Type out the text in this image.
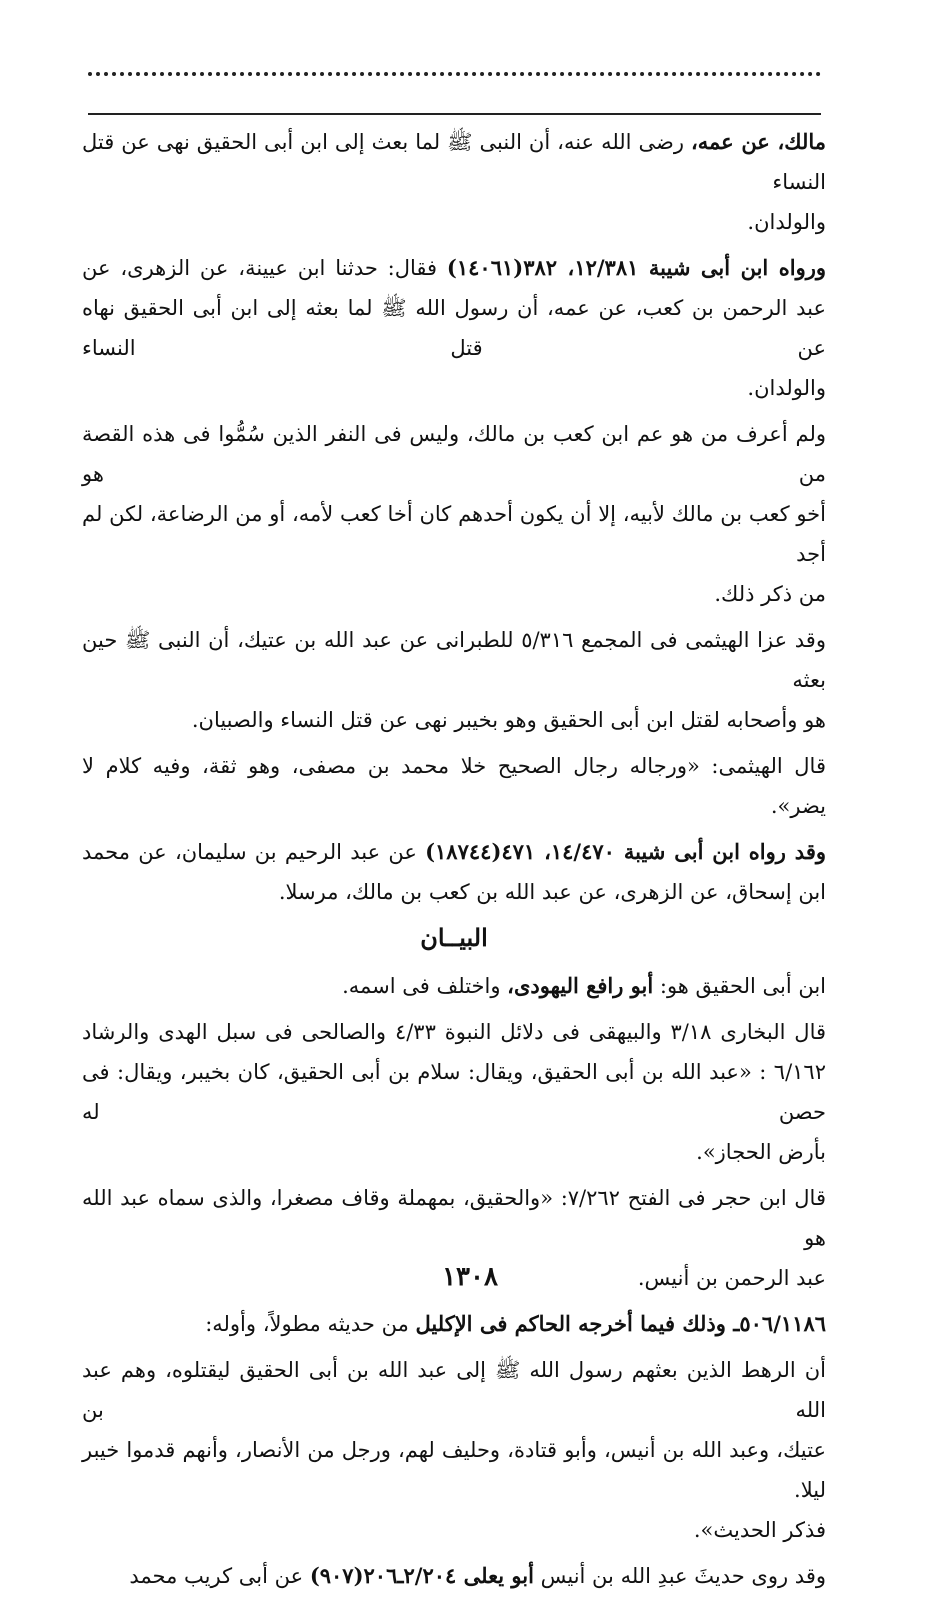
مالك، عن عمه، رضى الله عنه، أن النبى ﷺ لما بعث إلى ابن أبى الحقيق نهى عن قتل النساء
والولدان.
ورواه ابن أبى شيبة ١٢/٣٨١، ٣٨٢(١٤٠٦١) فقال: حدثنا ابن عيينة، عن الزهرى، عن
عبد الرحمن بن كعب، عن عمه، أن رسول الله ﷺ لما بعثه إلى ابن أبى الحقيق نهاه عن قتل النساء
والولدان.
ولم أعرف من هو عم ابن كعب بن مالك، وليس فى النفر الذين سُمُّوا فى هذه القصة من هو
أخو كعب بن مالك لأبيه، إلا أن يكون أحدهم كان أخا كعب لأمه، أو من الرضاعة، لكن لم أجد
من ذكر ذلك.
وقد عزا الهيثمى فى المجمع ٥/٣١٦ للطبرانى عن عبد الله بن عتيك، أن النبى ﷺ حين بعثه
هو وأصحابه لقتل ابن أبى الحقيق وهو بخيبر نهى عن قتل النساء والصبيان.
قال الهيثمى: «ورجاله رجال الصحيح خلا محمد بن مصفى، وهو ثقة، وفيه كلام لا
يضر».
وقد رواه ابن أبى شيبة ١٤/٤٧٠، ٤٧١(١٨٧٤٤) عن عبد الرحيم بن سليمان، عن محمد
ابن إسحاق، عن الزهرى، عن عبد الله بن كعب بن مالك، مرسلا.
البيــان
ابن أبى الحقيق هو: أبو رافع اليهودى، واختلف فى اسمه.
قال البخارى ٣/١٨ والبيهقى فى دلائل النبوة ٤/٣٣ والصالحى فى سبل الهدى والرشاد
٦/١٦٢ : «عبد الله بن أبى الحقيق، ويقال: سلام بن أبى الحقيق، كان بخيبر، ويقال: فى حصن له
بأرض الحجاز».
قال ابن حجر فى الفتح ٧/٢٦٢: «والحقيق، بمهملة وقاف مصغرا، والذى سماه عبد الله هو
عبد الرحمن بن أنيس.
٥٠٦/١١٨٦ـ وذلك فيما أخرجه الحاكم فى الإكليل من حديثه مطولاً، وأوله:
أن الرهط الذين بعثهم رسول الله ﷺ إلى عبد الله بن أبى الحقيق ليقتلوه، وهم عبد الله بن
عتيك، وعبد الله بن أنيس، وأبو قتادة، وحليف لهم، ورجل من الأنصار، وأنهم قدموا خيبر ليلا.
فذكر الحديث».
وقد روى حديثَ عبدِ الله بن أنيس أبو يعلى ٢/٢٠٤ـ٢٠٦(٩٠٧) عن أبى كريب محمد
١٣٠٨
